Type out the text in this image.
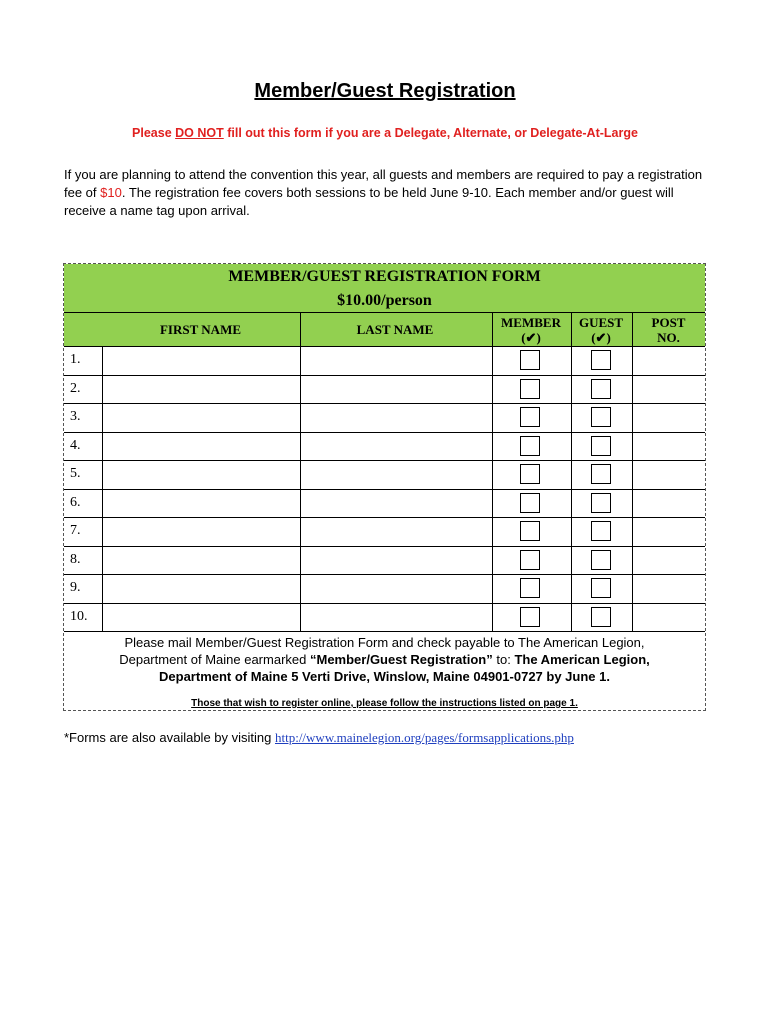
Member/Guest Registration
Please DO NOT fill out this form if you are a Delegate, Alternate, or Delegate-At-Large
If you are planning to attend the convention this year, all guests and members are required to pay a registration fee of $10. The registration fee covers both sessions to be held June 9-10. Each member and/or guest will receive a name tag upon arrival.
MEMBER/GUEST REGISTRATION FORM
$10.00/person
FIRST NAME	LAST NAME	MEMBER
(✔)
GUEST
(✔)
POST
NO.
1.
2.
3.
4.
5.
6.
7.
8.
9.
10.
Please mail Member/Guest Registration Form and check payable to The American Legion,
Department of Maine earmarked “Member/Guest Registration” to: The American Legion,
Department of Maine 5 Verti Drive, Winslow, Maine 04901-0727 by June 1.
Those that wish to register online, please follow the instructions listed on page 1.
*Forms are also available by visiting http://www.mainelegion.org/pages/formsapplications.php
